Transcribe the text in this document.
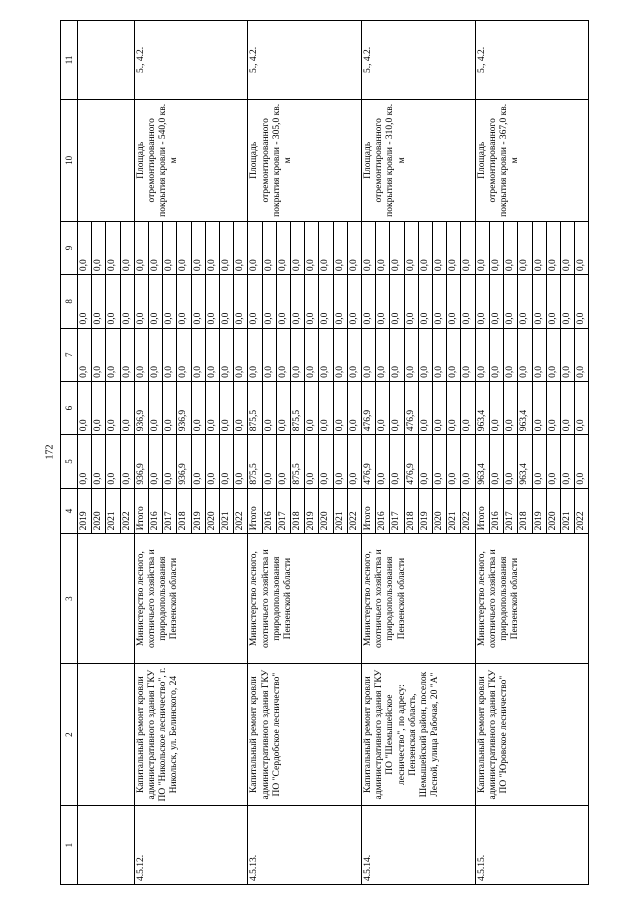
172
1	2	3	4	5	6	7	8	9	10	11
			2019	0,0	0,0	0,0	0,0	0,0		
			2020	0,0	0,0	0,0	0,0	0,0		
			2021	0,0	0,0	0,0	0,0	0,0		
			2022	0,0	0,0	0,0	0,0	0,0		
4.5.12.	Капитальный ремонт кровли административного здания ГКУ ПО "Никольское лесничество", г. Никольск, ул. Белинского, 24	Министерство лесного, охотничьего хозяйства и природопользования Пензенской области	Итого	936,9	936,9	0,0	0,0	0,0	Площадь отремонтированного покрытия кровли - 540,0 кв. м	5., 4.2.
			2016	0,0	0,0	0,0	0,0	0,0		
			2017	0,0	0,0	0,0	0,0	0,0		
			2018	936,9	936,9	0,0	0,0	0,0		
			2019	0,0	0,0	0,0	0,0	0,0		
			2020	0,0	0,0	0,0	0,0	0,0		
			2021	0,0	0,0	0,0	0,0	0,0		
			2022	0,0	0,0	0,0	0,0	0,0		
4.5.13.	Капитальный ремонт кровли административного здания ГКУ ПО "Сердобское лесничество"	Министерство лесного, охотничьего хозяйства и природопользования Пензенской области	Итого	875,5	875,5	0,0	0,0	0,0	Площадь отремонтированного покрытия кровли - 305,0 кв. м	5., 4.2.
			2016	0,0	0,0	0,0	0,0	0,0		
			2017	0,0	0,0	0,0	0,0	0,0		
			2018	875,5	875,5	0,0	0,0	0,0		
			2019	0,0	0,0	0,0	0,0	0,0		
			2020	0,0	0,0	0,0	0,0	0,0		
			2021	0,0	0,0	0,0	0,0	0,0		
			2022	0,0	0,0	0,0	0,0	0,0		
4.5.14.	Капитальный ремонт кровли административного здания ГКУ ПО "Шемышейское лесничество", по адресу: Пензенская область, Шемышейский район, поселок Лесной, улица Рабочая, 20 "А"	Министерство лесного, охотничьего хозяйства и природопользования Пензенской области	Итого	476,9	476,9	0,0	0,0	0,0	Площадь отремонтированного покрытия кровли - 310,0 кв. м	5., 4.2.
			2016	0,0	0,0	0,0	0,0	0,0		
			2017	0,0	0,0	0,0	0,0	0,0		
			2018	476,9	476,9	0,0	0,0	0,0		
			2019	0,0	0,0	0,0	0,0	0,0		
			2020	0,0	0,0	0,0	0,0	0,0		
			2021	0,0	0,0	0,0	0,0	0,0		
			2022	0,0	0,0	0,0	0,0	0,0		
4.5.15.	Капитальный ремонт кровли административного здания ГКУ ПО "Юровское лесничество"	Министерство лесного, охотничьего хозяйства и природопользования Пензенской области	Итого	963,4	963,4	0,0	0,0	0,0	Площадь отремонтированного покрытия кровли - 367,0 кв. м	5., 4.2.
			2016	0,0	0,0	0,0	0,0	0,0		
			2017	0,0	0,0	0,0	0,0	0,0		
			2018	963,4	963,4	0,0	0,0	0,0		
			2019	0,0	0,0	0,0	0,0	0,0		
			2020	0,0	0,0	0,0	0,0	0,0		
			2021	0,0	0,0	0,0	0,0	0,0		
			2022	0,0	0,0	0,0	0,0	0,0		
